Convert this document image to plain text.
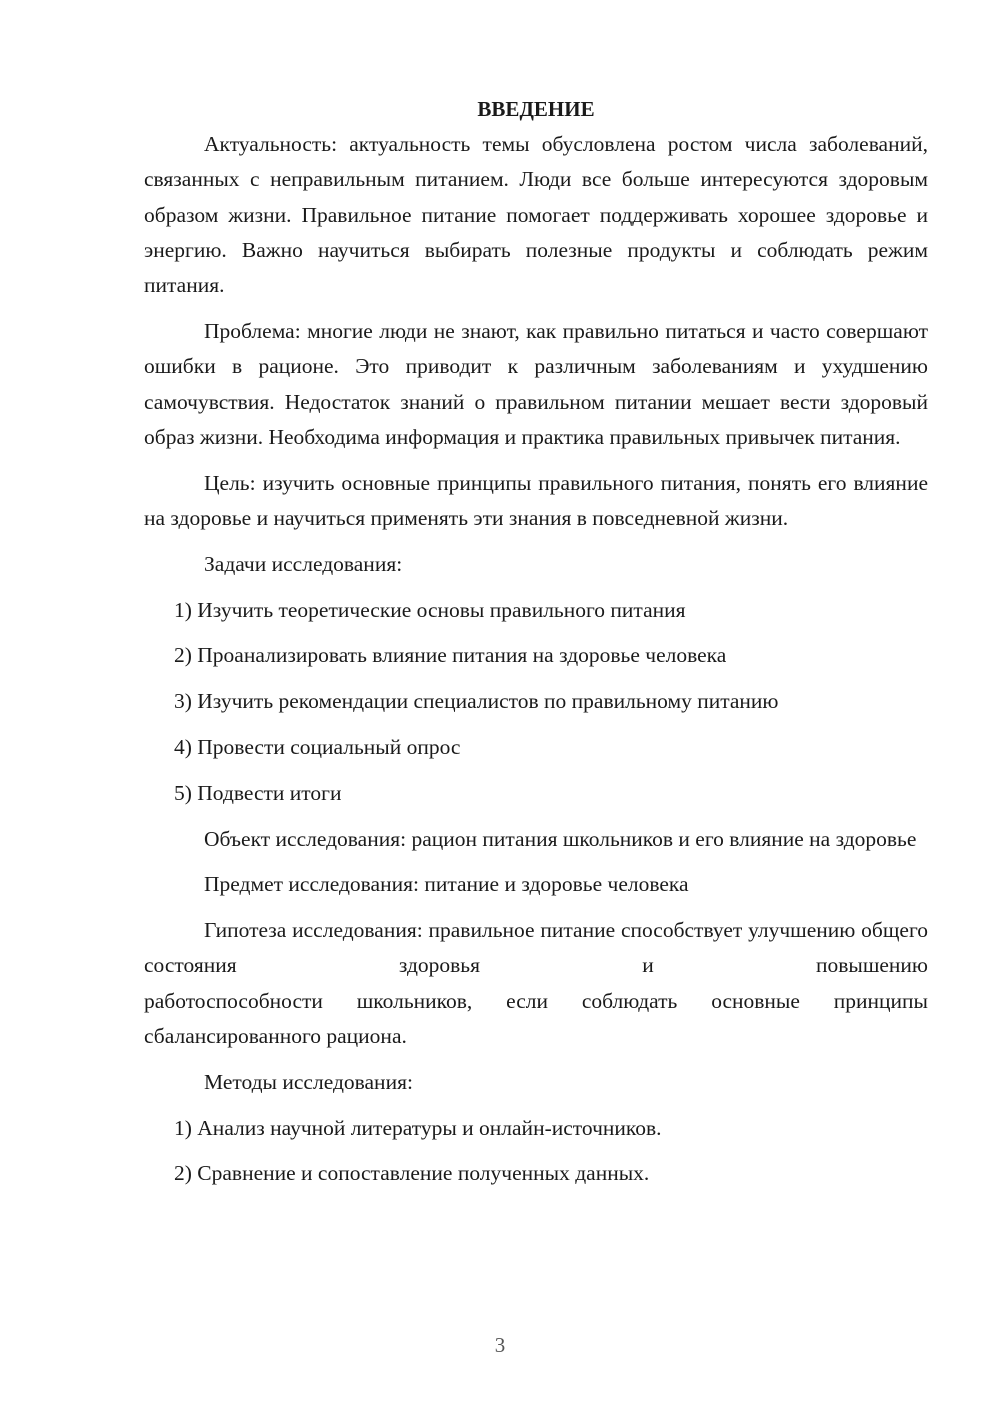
ВВЕДЕНИЕ

Актуальность: актуальность темы обусловлена ростом числа заболеваний, связанных с неправильным питанием. Люди все больше интересуются здоровым образом жизни. Правильное питание помогает поддерживать хорошее здоровье и энергию. Важно научиться выбирать полезные продукты и соблюдать режим питания.

Проблема: многие люди не знают, как правильно питаться и часто совершают ошибки в рационе. Это приводит к различным заболеваниям и ухудшению самочувствия. Недостаток знаний о правильном питании мешает вести здоровый образ жизни. Необходима информация и практика правильных привычек питания.

Цель: изучить основные принципы правильного питания, понять его влияние на здоровье и научиться применять эти знания в повседневной жизни.

Задачи исследования:

1) Изучить теоретические основы правильного питания

2) Проанализировать влияние питания на здоровье человека

3) Изучить рекомендации специалистов по правильному питанию

4) Провести социальный опрос

5) Подвести итоги

Объект исследования: рацион питания школьников и его влияние на здоровье

Предмет исследования: питание и здоровье человека

Гипотеза исследования: правильное питание способствует улучшению общего состояния здоровья и повышению
работоспособности школьников, если соблюдать основные принципы сбалансированного рациона.

Методы исследования:

1) Анализ научной литературы и онлайн-источников.

2) Сравнение и сопоставление полученных данных.

3
